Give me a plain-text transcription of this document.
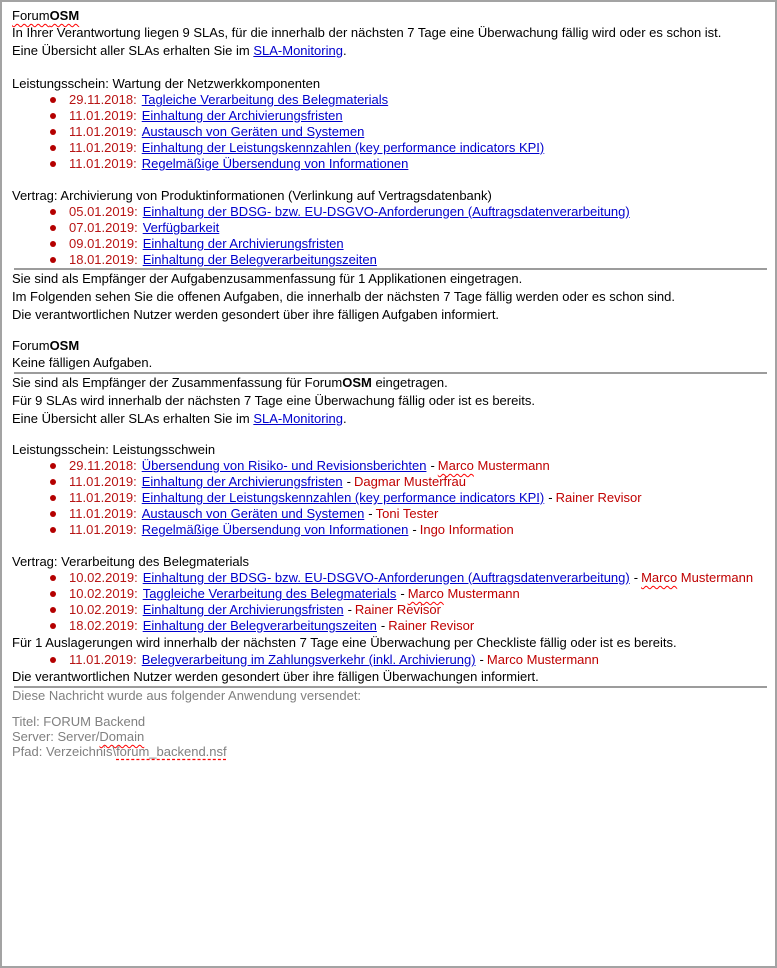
ForumOSM

In Ihrer Verantwortung liegen 9 SLAs, für die innerhalb der nächsten 7 Tage eine Überwachung fällig wird oder es schon ist.
Eine Übersicht aller SLAs erhalten Sie im SLA-Monitoring.

Leistungsschein: Wartung der Netzwerkkomponenten
29.11.2018: Tagleiche Verarbeitung des Belegmaterials
11.01.2019: Einhaltung der Archivierungsfristen
11.01.2019: Austausch von Geräten und Systemen
11.01.2019: Einhaltung der Leistungskennzahlen (key performance indicators KPI)
11.01.2019: Regelmäßige Übersendung von Informationen
Vertrag: Archivierung von Produktinformationen (Verlinkung auf Vertragsdatenbank)
05.01.2019: Einhaltung der BDSG- bzw. EU-DSGVO-Anforderungen (Auftragsdatenverarbeitung)
07.01.2019: Verfügbarkeit
09.01.2019: Einhaltung der Archivierungsfristen
18.01.2019: Einhaltung der Belegverarbeitungszeiten

Sie sind als Empfänger der Aufgabenzusammenfassung für 1 Applikationen eingetragen.

Im Folgenden sehen Sie die offenen Aufgaben, die innerhalb der nächsten 7 Tage fällig werden oder es schon sind.
Die verantwortlichen Nutzer werden gesondert über ihre fälligen Aufgaben informiert.

ForumOSM

Keine fälligen Aufgaben.

Sie sind als Empfänger der Zusammenfassung für ForumOSM eingetragen.

Für 9 SLAs wird innerhalb der nächsten 7 Tage eine Überwachung fällig oder ist es bereits.
Eine Übersicht aller SLAs erhalten Sie im SLA-Monitoring.

Leistungsschein: Leistungsschwein
29.11.2018: Übersendung von Risiko- und Revisionsberichten - Marco Mustermann
11.01.2019: Einhaltung der Archivierungsfristen - Dagmar Musterfrau
11.01.2019: Einhaltung der Leistungskennzahlen (key performance indicators KPI) - Rainer Revisor
11.01.2019: Austausch von Geräten und Systemen - Toni Tester
11.01.2019: Regelmäßige Übersendung von Informationen - Ingo Information
Vertrag: Verarbeitung des Belegmaterials
10.02.2019: Einhaltung der BDSG- bzw. EU-DSGVO-Anforderungen (Auftragsdatenverarbeitung) - Marco Mustermann
10.02.2019: Taggleiche Verarbeitung des Belegmaterials - Marco Mustermann
10.02.2019: Einhaltung der Archivierungsfristen - Rainer Revisor
18.02.2019: Einhaltung der Belegverarbeitungszeiten - Rainer Revisor

Für 1 Auslagerungen wird innerhalb der nächsten 7 Tage eine Überwachung per Checkliste fällig oder ist es bereits.

11.01.2019: Belegverarbeitung im Zahlungsverkehr (inkl. Archivierung) - Marco Mustermann

Die verantwortlichen Nutzer werden gesondert über ihre fälligen Überwachungen informiert.

Diese Nachricht wurde aus folgender Anwendung versendet:

Titel: FORUM Backend

Server: Server/Domain

Pfad: Verzeichnis\forum_backend.nsf
